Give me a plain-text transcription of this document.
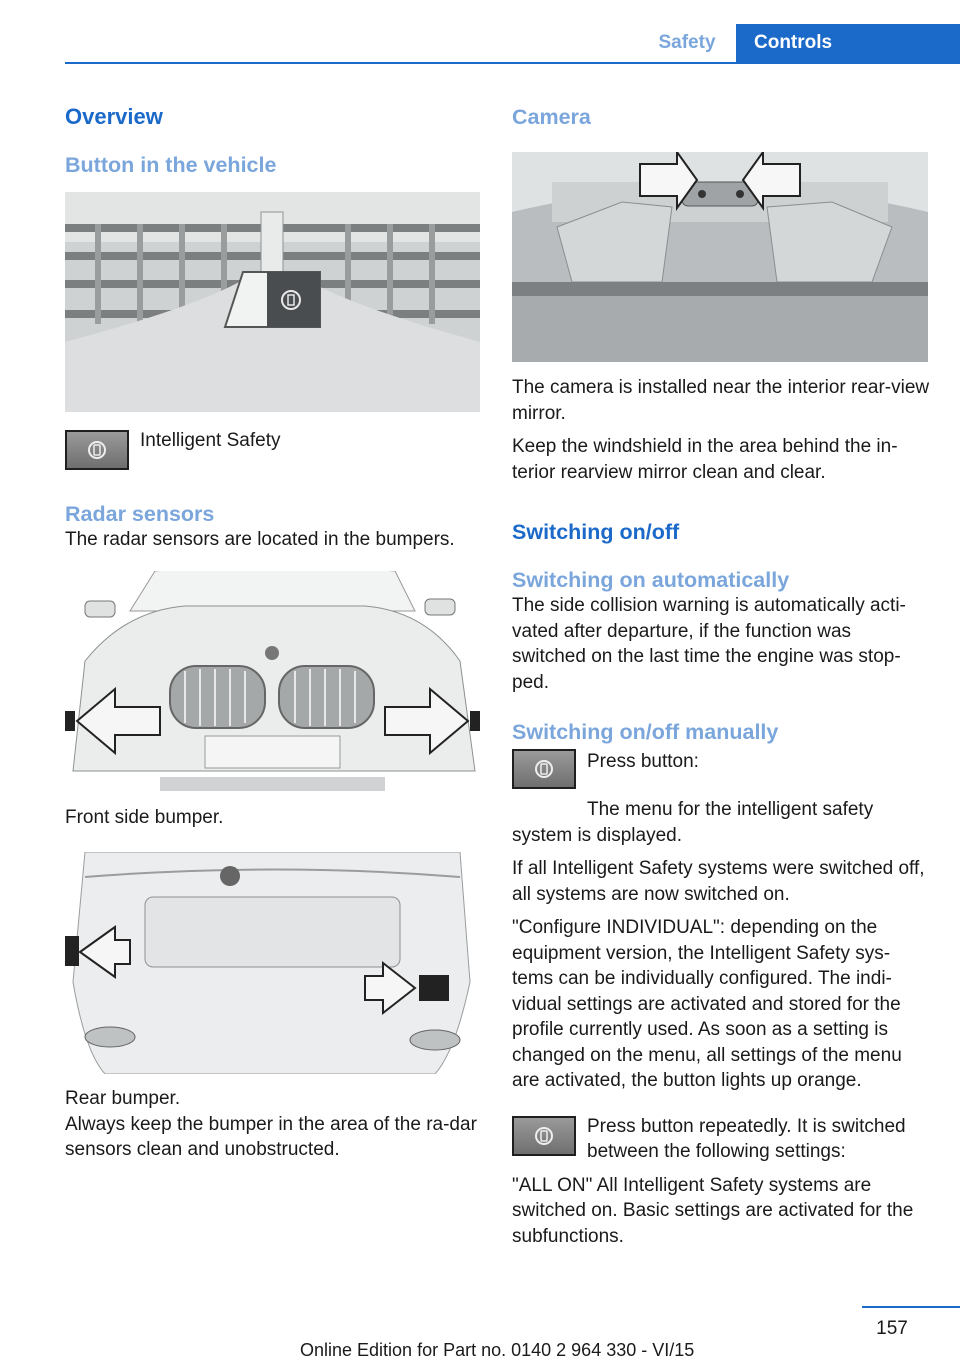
Safety	Controls
Overview
Button in the vehicle

Intelligent Safety

Radar sensors

The radar sensors are located in the bumpers.

Front side bumper.

Rear bumper.

Always keep the bumper in the area of the ra-dar sensors clean and unobstructed.

Camera

The camera is installed near the interior rear-view mirror.

Keep the windshield in the area behind the in-terior rearview mirror clean and clear.

Switching on/off
Switching on automatically

The side collision warning is automatically acti-vated after departure, if the function was switched on the last time the engine was stop-ped.

Switching on/off manually

Press button:

The menu for the intelligent safety system is displayed.

If all Intelligent Safety systems were switched off, all systems are now switched on.

"Configure INDIVIDUAL": depending on the equipment version, the Intelligent Safety sys-tems can be individually configured. The indi-vidual settings are activated and stored for the profile currently used. As soon as a setting is changed on the menu, all settings of the menu are activated, the button lights up orange.

Press button repeatedly. It is switched between the following settings:

"ALL ON" All Intelligent Safety systems are switched on. Basic settings are activated for the subfunctions.

157
Online Edition for Part no. 0140 2 964 330 - VI/15
